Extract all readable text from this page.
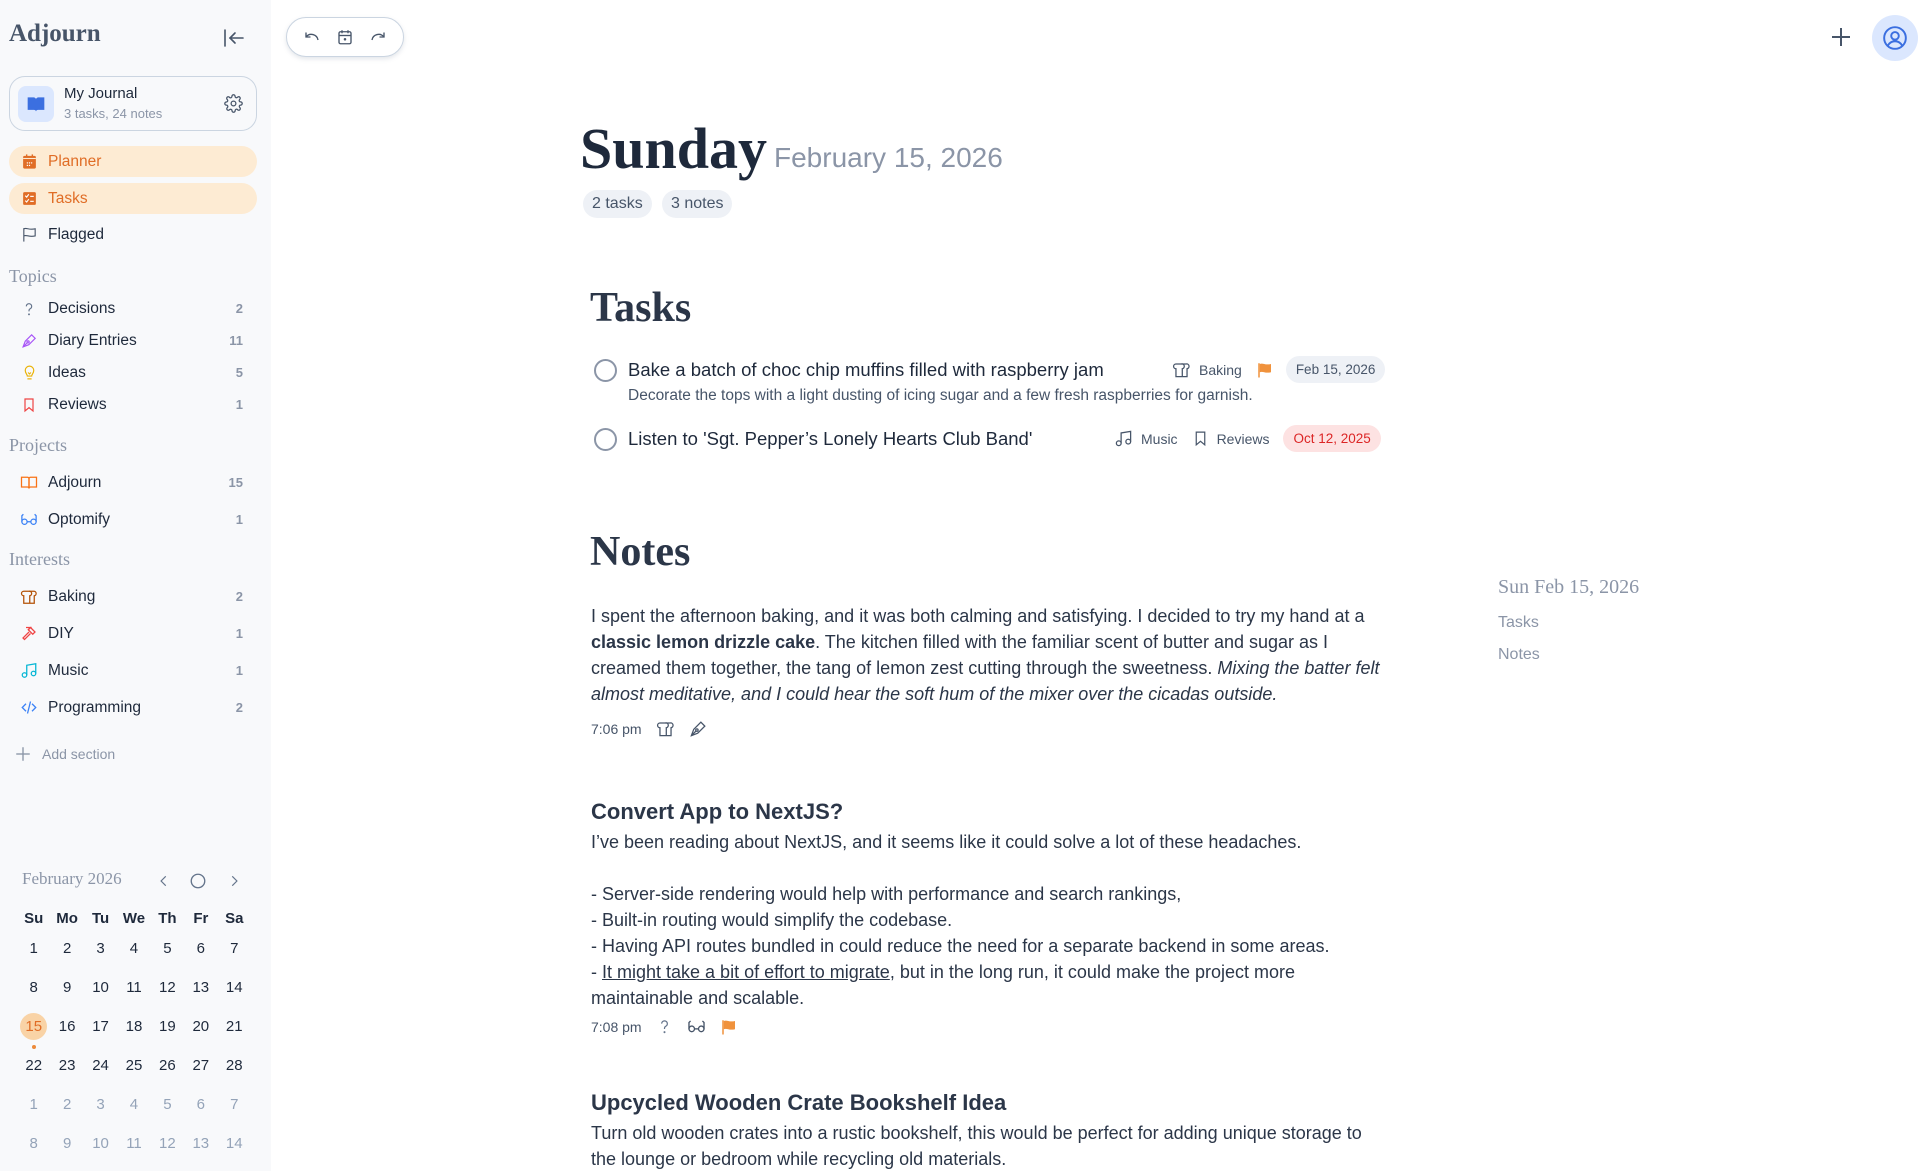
Adjourn
My Journal
3 tasks, 24 notes
Planner
Tasks
Flagged
Topics
Decisions	2
Diary Entries	11
Ideas	5
Reviews	1
Projects
Adjourn	15
Optomify	1
Interests
Baking	2
DIY	1
Music	1
Programming	2
Add section
February 2026
Su Mo Tu We Th	Fr	Sa
1	2	3	4	5	6	7
8	9	10	11	12	13	14
15	16	17	18	19	20	21
22	23	24	25	26	27	28
1	2	3	4	5	6	7
8	9	10	11	12	13	14
Sunday February 15, 2026
2 tasks	3 notes
Tasks
Bake a batch of choc chip muffins filled with raspberry jam
Decorate the tops with a light dusting of icing sugar and a few fresh raspberries for garnish.
Baking	Feb 15, 2026
Listen to 'Sgt. Pepper’s Lonely Hearts Club Band'	Music	Reviews	Oct 12, 2025
Notes
I spent the afternoon baking, and it was both calming and satisfying. I decided to try my hand at a classic lemon drizzle cake. The kitchen filled with the familiar scent of butter and sugar as I creamed them together, the tang of lemon zest cutting through the sweetness. Mixing the batter felt almost meditative, and I could hear the soft hum of the mixer over the cicadas outside.
7:06 pm
Convert App to NextJS?
I’ve been reading about NextJS, and it seems like it could solve a lot of these headaches.
- Server-side rendering would help with performance and search rankings,
- Built-in routing would simplify the codebase.
- Having API routes bundled in could reduce the need for a separate backend in some areas.
- It might take a bit of effort to migrate, but in the long run, it could make the project more maintainable and scalable.
7:08 pm
Upcycled Wooden Crate Bookshelf Idea
Turn old wooden crates into a rustic bookshelf, this would be perfect for adding unique storage to the lounge or bedroom while recycling old materials.
Sun Feb 15, 2026
Tasks
Notes
